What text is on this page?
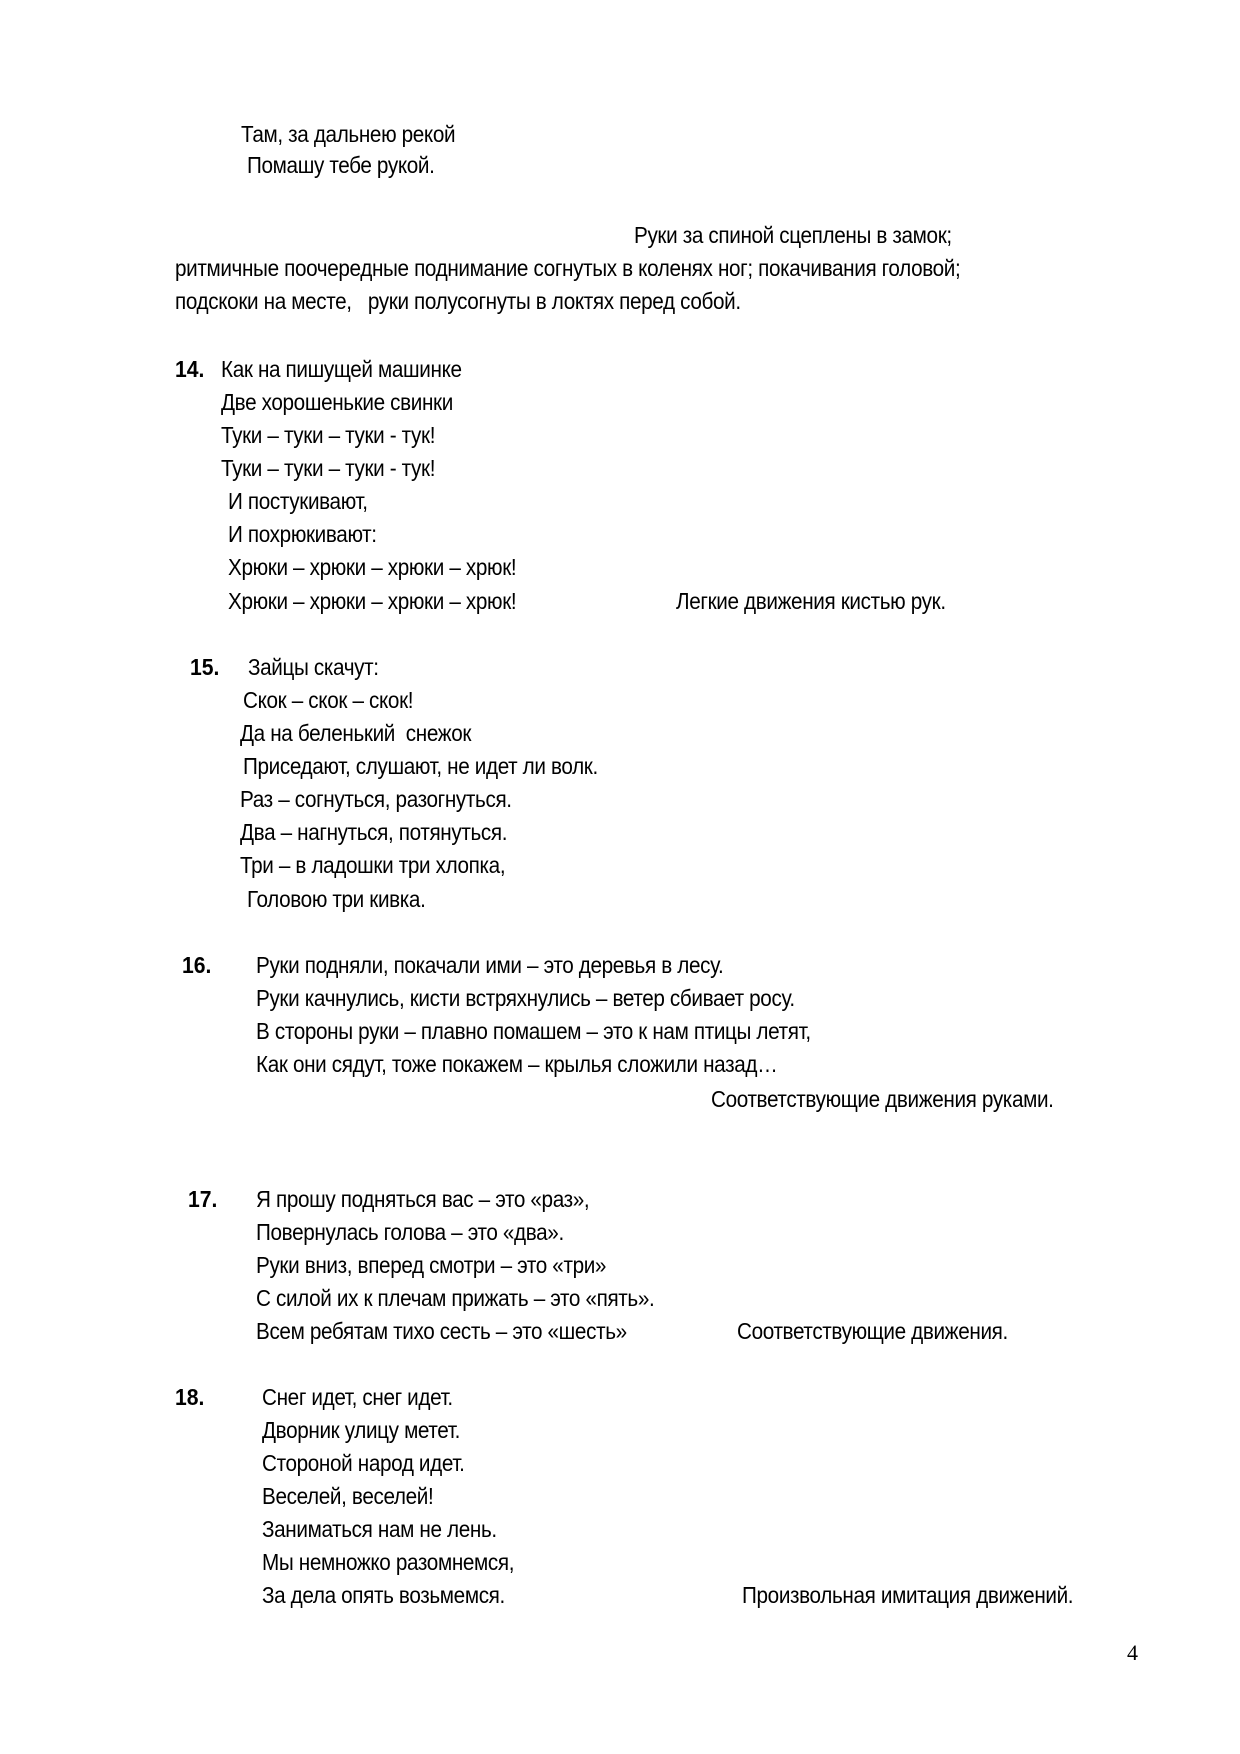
Там, за дальнею рекой
Помашу тебе рукой.
Руки за спиной сцеплены в замок;
ритмичные поочередные поднимание согнутых в коленях ног; покачивания головой;
подскоки на месте,   руки полусогнуты в локтях перед собой.
14. Как на пишущей машинке
Две хорошенькие свинки
Туки – туки – туки - тук!
Туки – туки – туки - тук!
И постукивают,
И похрюкивают:
Хрюки – хрюки – хрюки – хрюк!
Хрюки – хрюки – хрюки – хрюк!	Легкие движения кистью рук.
15. Зайцы скачут:
Скок – скок – скок!
Да на беленький  снежок
Приседают, слушают, не идет ли волк.
Раз – согнуться, разогнуться.
Два – нагнуться, потянуться.
Три – в ладошки три хлопка,
Головою три кивка.
16. Руки подняли, покачали ими – это деревья в лесу.
Руки качнулись, кисти встряхнулись – ветер сбивает росу.
В стороны руки – плавно помашем – это к нам птицы летят,
Как они сядут, тоже покажем – крылья сложили назад…
Соответствующие движения руками.
17. Я прошу подняться вас – это «раз»,
Повернулась голова – это «два».
Руки вниз, вперед смотри – это «три»
С силой их к плечам прижать – это «пять».
Всем ребятам тихо сесть – это «шесть»	Соответствующие движения.
18.	Снег идет, снег идет.
Дворник улицу метет.
Стороной народ идет.
Веселей, веселей!
Заниматься нам не лень.
Мы немножко разомнемся,
За дела опять возьмемся.	Произвольная имитация движений.
4
